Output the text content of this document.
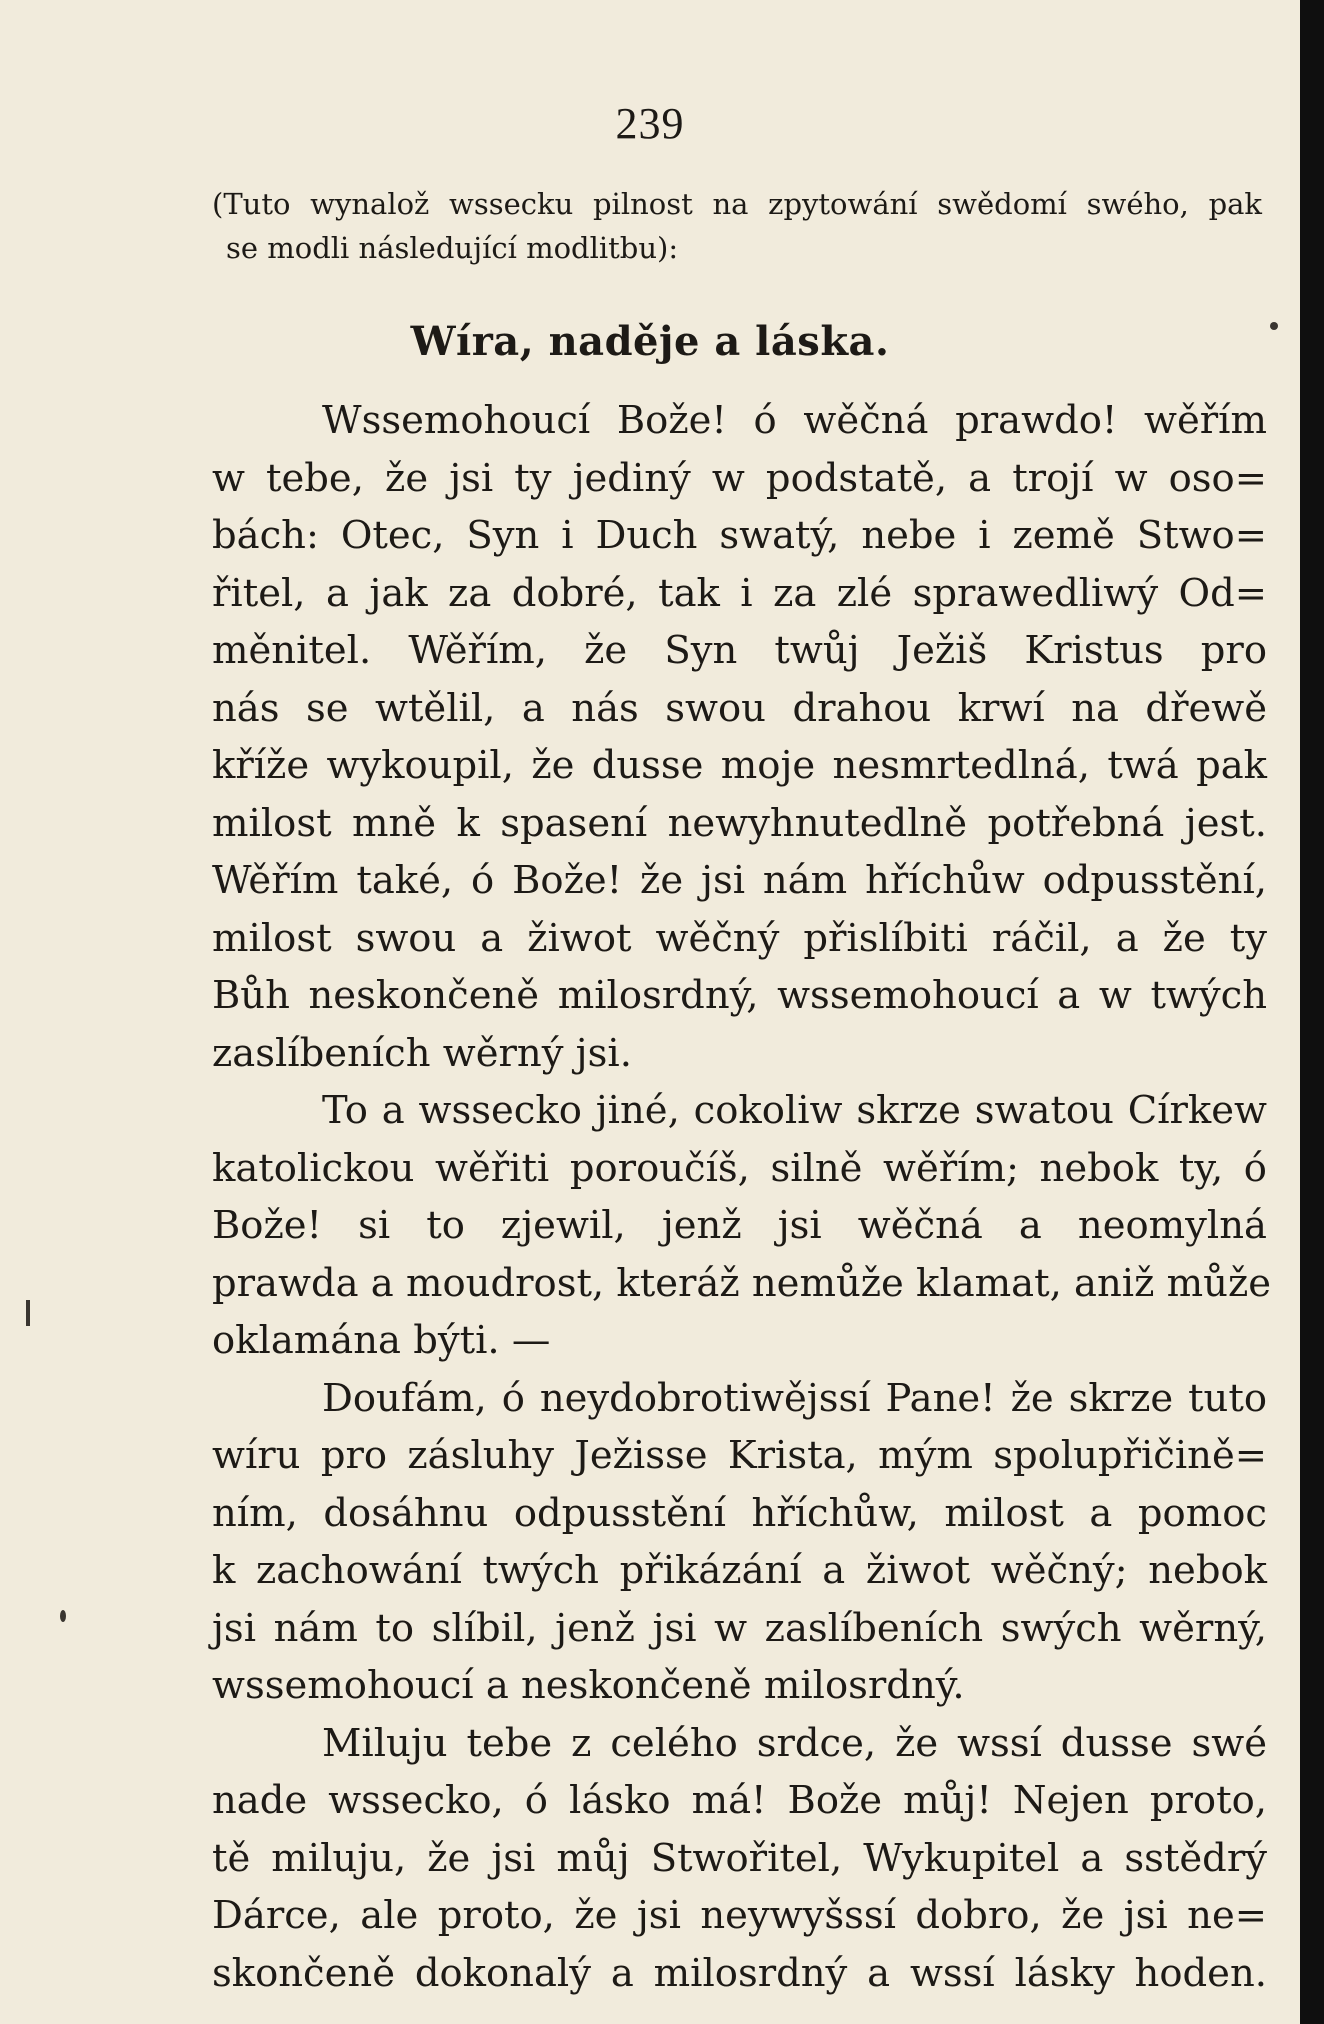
239
(Tuto wynalož wssecku pilnost na zpytowání swědomí swého, pak
se modli následující modlitbu):
Wíra, naděje a láska.
Wssemohoucí Bože! ó wěčná prawdo! wěřím
w tebe, že jsi ty jediný w podstatě, a trojí w oso=
bách: Otec, Syn i Duch swatý, nebe i země Stwo=
řitel, a jak za dobré, tak i za zlé sprawedliwý Od=
měnitel. Wěřím, že Syn twůj Ježiš Kristus pro
nás se wtělil, a nás swou drahou krwí na dřewě
kříže wykoupil, že dusse moje nesmrtedlná, twá pak
milost mně k spasení newyhnutedlně potřebná jest.
Wěřím také, ó Bože! že jsi nám hříchůw odpusstění,
milost swou a žiwot wěčný přislíbiti ráčil, a že ty
Bůh neskončeně milosrdný, wssemohoucí a w twých
zaslíbeních wěrný jsi.
To a wssecko jiné, cokoliw skrze swatou Církew
katolickou wěřiti poroučíš, silně wěřím; nebok ty, ó
Bože! si to zjewil, jenž jsi wěčná a neomylná
prawda a moudrost, kteráž nemůže klamat, aniž může
oklamána býti. —
Doufám, ó neydobrotiwějssí Pane! že skrze tuto
wíru pro zásluhy Ježisse Krista, mým spolupřičině=
ním, dosáhnu odpusstění hříchůw, milost a pomoc
k zachowání twých přikázání a žiwot wěčný; nebok
jsi nám to slíbil, jenž jsi w zaslíbeních swých wěrný,
wssemohoucí a neskončeně milosrdný.
Miluju tebe z celého srdce, že wssí dusse swé
nade wssecko, ó lásko má! Bože můj! Nejen proto,
tě miluju, že jsi můj Stwořitel, Wykupitel a sstědrý
Dárce, ale proto, že jsi neywyšssí dobro, že jsi ne=
skončeně dokonalý a milosrdný a wssí lásky hoden.
